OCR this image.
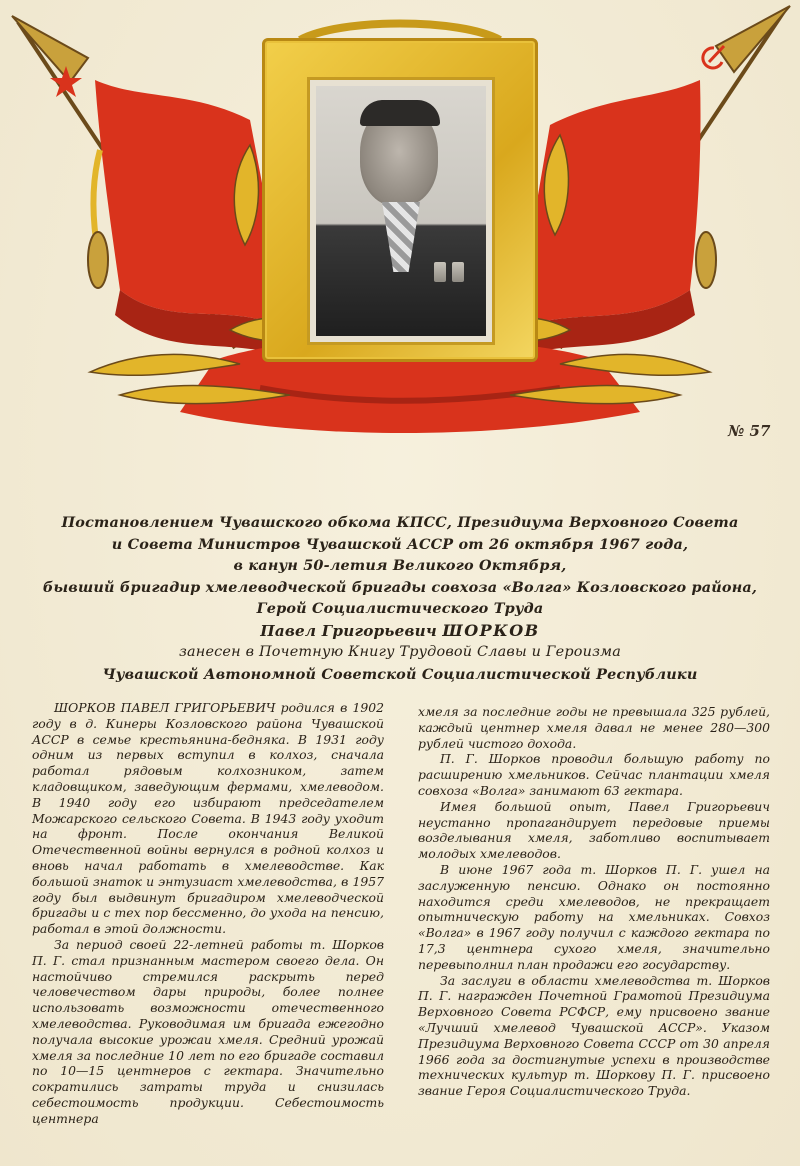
№ 57
Постановлением Чувашского обкома КПСС, Президиума Верховного Совета
и Совета Министров Чувашской АССР от 26 октября 1967 года,
в канун 50-летия Великого Октября,
бывший бригадир хмелеводческой бригады совхоза «Волга» Козловского района,
Герой Социалистического Труда
Павел Григорьевич ШОРКОВ
занесен в Почетную Книгу Трудовой Славы и Героизма
Чувашской Автономной Советской Социалистической Республики

ШОРКОВ ПАВЕЛ ГРИГОРЬЕВИЧ родился в 1902 году в д. Кинеры Козловского района Чувашской АССР в семье крестьянина-бедняка. В 1931 году одним из первых вступил в колхоз, сначала работал рядовым колхозником, затем кладовщиком, заведующим фермами, хмелеводом. В 1940 году его избирают председателем Можарского сельского Совета. В 1943 году уходит на фронт. После окончания Великой Отечественной войны вернулся в родной колхоз и вновь начал работать в хмелеводстве. Как большой знаток и энтузиаст хмелеводства, в 1957 году был выдвинут бригадиром хмелеводческой бригады и с тех пор бессменно, до ухода на пенсию, работал в этой должности.

За период своей 22-летней работы т. Шорков П. Г. стал признанным мастером своего дела. Он настойчиво стремился раскрыть перед человечеством дары природы, более полнее использовать возможности отечественного хмелеводства. Руководимая им бригада ежегодно получала высокие урожаи хмеля. Средний урожай хмеля за последние 10 лет по его бригаде составил по 10—15 центнеров с гектара. Значительно сократились затраты труда и снизилась себестоимость продукции. Себестоимость центнера

хмеля за последние годы не превышала 325 рублей, каждый центнер хмеля давал не менее 280—300 рублей чистого дохода.

П. Г. Шорков проводил большую работу по расширению хмельников. Сейчас плантации хмеля совхоза «Волга» занимают 63 гектара.

Имея большой опыт, Павел Григорьевич неустанно пропагандирует передовые приемы возделывания хмеля, заботливо воспитывает молодых хмелеводов.

В июне 1967 года т. Шорков П. Г. ушел на заслуженную пенсию. Однако он постоянно находится среди хмелеводов, не прекращает опытническую работу на хмельниках. Совхоз «Волга» в 1967 году получил с каждого гектара по 17,3 центнера сухого хмеля, значительно перевыполнил план продажи его государству.

За заслуги в области хмелеводства т. Шорков П. Г. награжден Почетной Грамотой Президиума Верховного Совета РСФСР, ему присвоено звание «Лучший хмелевод Чувашской АССР». Указом Президиума Верховного Совета СССР от 30 апреля 1966 года за достигнутые успехи в производстве технических культур т. Шоркову П. Г. присвоено звание Героя Социалистического Труда.
